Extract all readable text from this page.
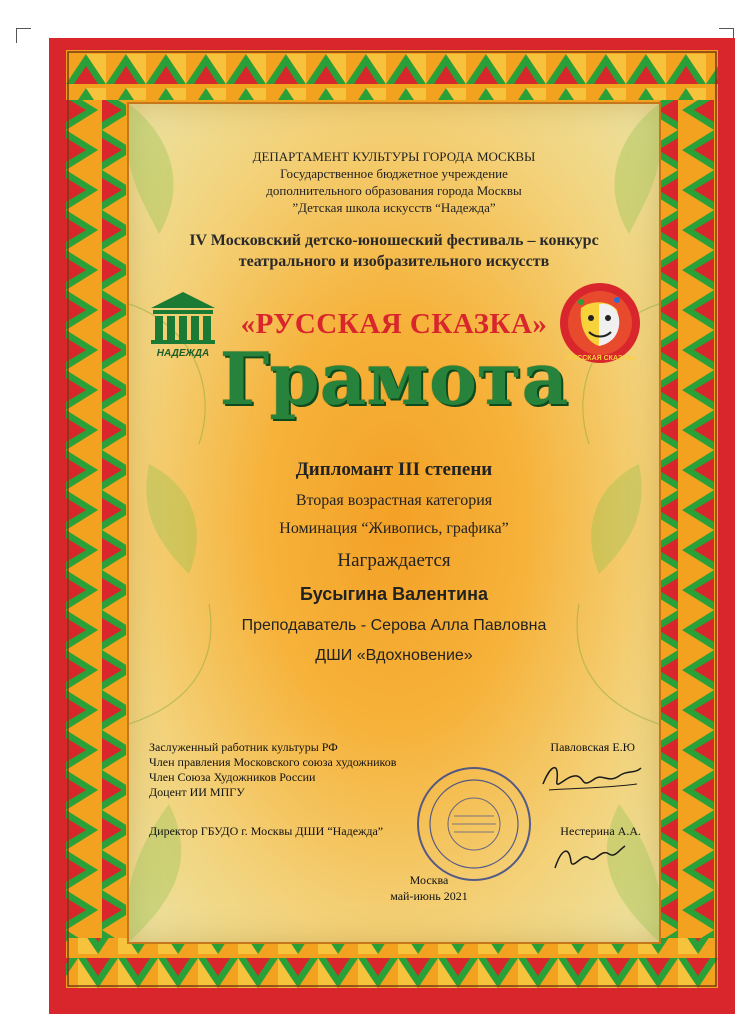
ДЕПАРТАМЕНТ КУЛЬТУРЫ ГОРОДА МОСКВЫ
Государственное бюджетное учреждение
дополнительного образования города Москвы
”Детская школа искусств “Надежда”
IV Московский детско-юношеский фестиваль – конкурс
театрального и изобразительного искусств
НАДЕЖДА
«РУССКАЯ СКАЗКА»
«РУССКАЯ СКАЗКА»
Грамота
Дипломант III степени
Вторая возрастная категория
Номинация “Живопись, графика”
Награждается
Бусыгина Валентина
Преподаватель - Серова Алла Павловна
ДШИ «Вдохновение»
Заслуженный работник культуры РФ
Член правления Московского союза художников
Член Союза Художников России
Доцент ИИ МПГУ
Павловская Е.Ю
Директор ГБУДО г. Москвы ДШИ “Надежда”	Нестерина А.А.
Москва
май-июнь 2021
